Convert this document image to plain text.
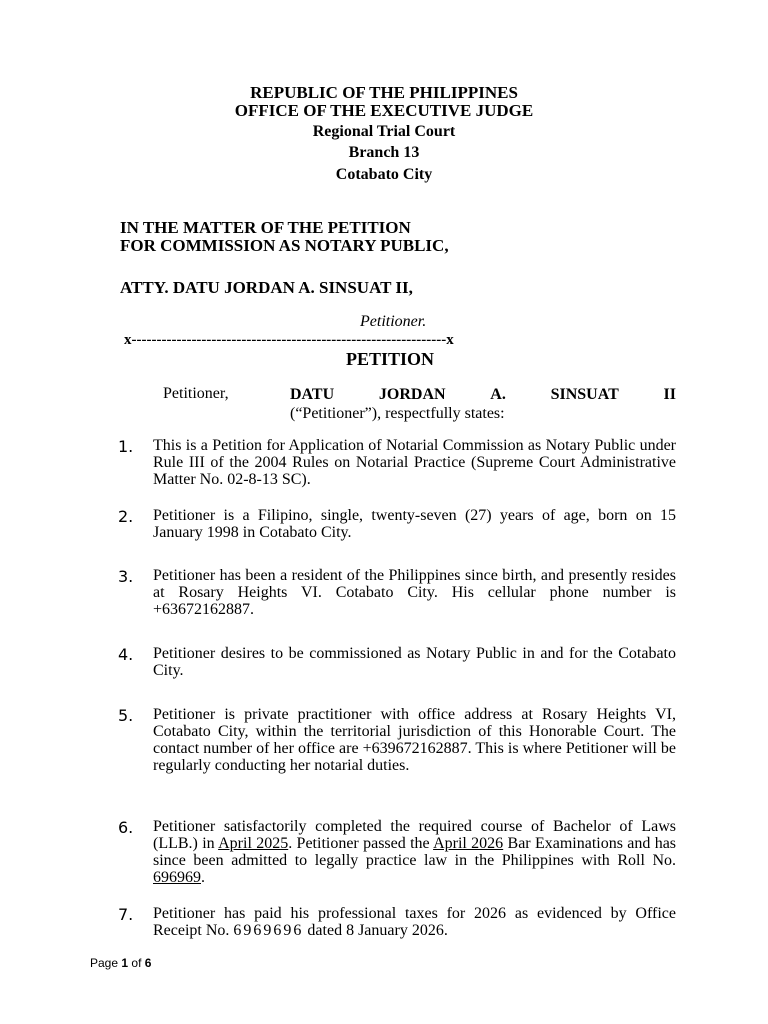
REPUBLIC OF THE PHILIPPINES
OFFICE OF THE EXECUTIVE JUDGE
Regional Trial Court
Branch 13
Cotabato City
IN THE MATTER OF THE PETITION
FOR COMMISSION AS NOTARY PUBLIC,
ATTY. DATU JORDAN A. SINSUAT II,
Petitioner.
x---------------------------------------------------------------x
PETITION
Petitioner,	DATU	JORDAN	A.	SINSUAT	II
(“Petitioner”), respectfully states:
1. This is a Petition for Application of Notarial Commission as Notary Public under Rule III of the 2004 Rules on Notarial Practice (Supreme Court Administrative Matter No. 02-8-13 SC).
2. Petitioner is a Filipino, single, twenty-seven (27) years of age, born on 15 January 1998 in Cotabato City.
3. Petitioner has been a resident of the Philippines since birth, and presently resides at Rosary Heights VI. Cotabato City. His cellular phone number is +63672162887.
4. Petitioner desires to be commissioned as Notary Public in and for the Cotabato City.
5. Petitioner is private practitioner with office address at Rosary Heights VI, Cotabato City, within the territorial jurisdiction of this Honorable Court. The contact number of her office are +639672162887. This is where Petitioner will be regularly conducting her notarial duties.
6. Petitioner satisfactorily completed the required course of Bachelor of Laws (LLB.) in April 2025. Petitioner passed the April 2026 Bar Examinations and has since been admitted to legally practice law in the Philippines with Roll No. 696969.
7. Petitioner has paid his professional taxes for 2026 as evidenced by Office Receipt No. 6969696 dated 8 January 2026.
Page 1 of 6
